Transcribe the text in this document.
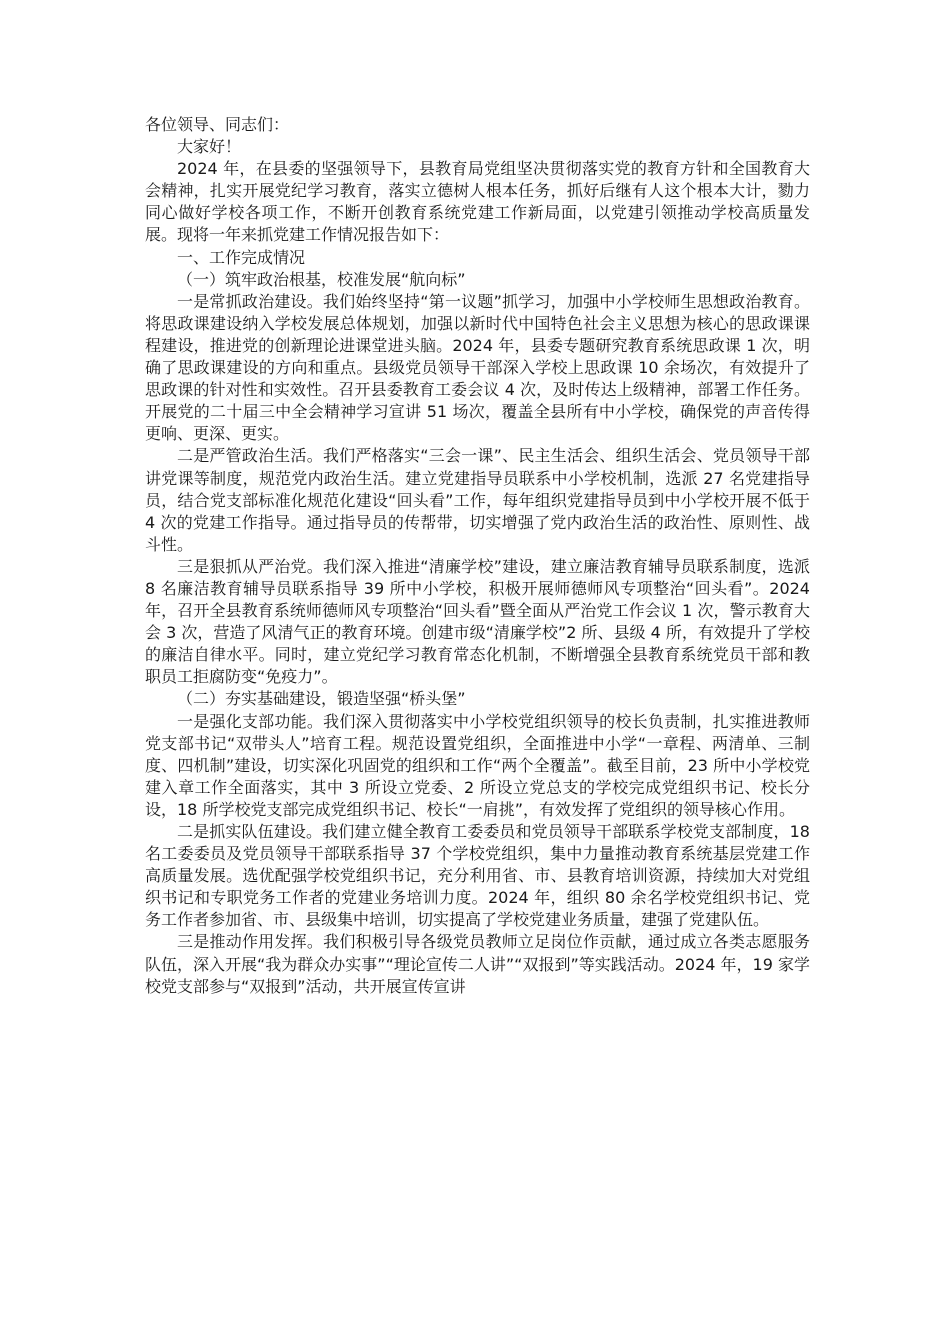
各位领导、同志们：

大家好！

2024 年，在县委的坚强领导下，县教育局党组坚决贯彻落实党的教育方针和全国教育大会精神，扎实开展党纪学习教育，落实立德树人根本任务，抓好后继有人这个根本大计，勠力同心做好学校各项工作，不断开创教育系统党建工作新局面，以党建引领推动学校高质量发展。现将一年来抓党建工作情况报告如下：

一、工作完成情况

（一）筑牢政治根基，校准发展“航向标”

一是常抓政治建设。我们始终坚持“第一议题”抓学习，加强中小学校师生思想政治教育。将思政课建设纳入学校发展总体规划，加强以新时代中国特色社会主义思想为核心的思政课课程建设，推进党的创新理论进课堂进头脑。2024 年，县委专题研究教育系统思政课 1 次，明确了思政课建设的方向和重点。县级党员领导干部深入学校上思政课 10 余场次，有效提升了思政课的针对性和实效性。召开县委教育工委会议 4 次，及时传达上级精神，部署工作任务。开展党的二十届三中全会精神学习宣讲 51 场次，覆盖全县所有中小学校，确保党的声音传得更响、更深、更实。

二是严管政治生活。我们严格落实“三会一课”、民主生活会、组织生活会、党员领导干部讲党课等制度，规范党内政治生活。建立党建指导员联系中小学校机制，选派 27 名党建指导员，结合党支部标准化规范化建设“回头看”工作，每年组织党建指导员到中小学校开展不低于 4 次的党建工作指导。通过指导员的传帮带，切实增强了党内政治生活的政治性、原则性、战斗性。

三是狠抓从严治党。我们深入推进“清廉学校”建设，建立廉洁教育辅导员联系制度，选派 8 名廉洁教育辅导员联系指导 39 所中小学校，积极开展师德师风专项整治“回头看”。2024 年，召开全县教育系统师德师风专项整治“回头看”暨全面从严治党工作会议 1 次，警示教育大会 3 次，营造了风清气正的教育环境。创建市级“清廉学校”2 所、县级 4 所，有效提升了学校的廉洁自律水平。同时，建立党纪学习教育常态化机制，不断增强全县教育系统党员干部和教职员工拒腐防变“免疫力”。

（二）夯实基础建设，锻造坚强“桥头堡”

一是强化支部功能。我们深入贯彻落实中小学校党组织领导的校长负责制，扎实推进教师党支部书记“双带头人”培育工程。规范设置党组织，全面推进中小学“一章程、两清单、三制度、四机制”建设，切实深化巩固党的组织和工作“两个全覆盖”。截至目前，23 所中小学校党建入章工作全面落实，其中 3 所设立党委、2 所设立党总支的学校完成党组织书记、校长分设，18 所学校党支部完成党组织书记、校长“一肩挑”，有效发挥了党组织的领导核心作用。

二是抓实队伍建设。我们建立健全教育工委委员和党员领导干部联系学校党支部制度，18 名工委委员及党员领导干部联系指导 37 个学校党组织，集中力量推动教育系统基层党建工作高质量发展。选优配强学校党组织书记，充分利用省、市、县教育培训资源，持续加大对党组织书记和专职党务工作者的党建业务培训力度。2024 年，组织 80 余名学校党组织书记、党务工作者参加省、市、县级集中培训，切实提高了学校党建业务质量，建强了党建队伍。

三是推动作用发挥。我们积极引导各级党员教师立足岗位作贡献，通过成立各类志愿服务队伍，深入开展“我为群众办实事”“理论宣传二人讲”“双报到”等实践活动。2024 年，19 家学校党支部参与“双报到”活动，共开展宣传宣讲
